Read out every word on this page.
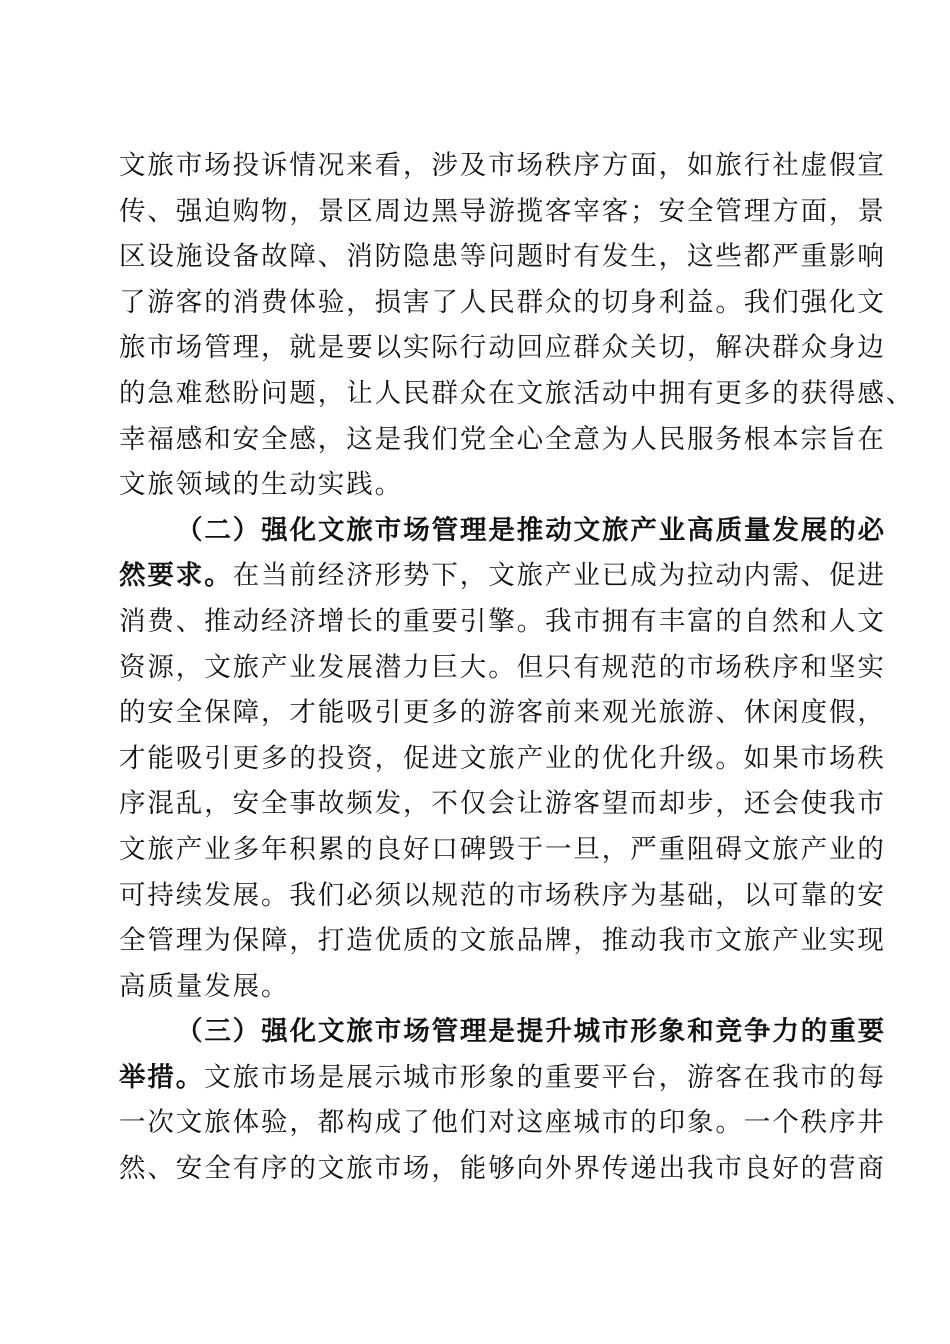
文旅市场投诉情况来看，涉及市场秩序方面，如旅行社虚假宣
传、强迫购物，景区周边黑导游揽客宰客；安全管理方面，景
区设施设备故障、消防隐患等问题时有发生，这些都严重影响
了游客的消费体验，损害了人民群众的切身利益。我们强化文
旅市场管理，就是要以实际行动回应群众关切，解决群众身边
的急难愁盼问题，让人民群众在文旅活动中拥有更多的获得感、
幸福感和安全感，这是我们党全心全意为人民服务根本宗旨在
文旅领域的生动实践。
（二）强化文旅市场管理是推动文旅产业高质量发展的必
然要求。在当前经济形势下，文旅产业已成为拉动内需、促进
消费、推动经济增长的重要引擎。我市拥有丰富的自然和人文
资源，文旅产业发展潜力巨大。但只有规范的市场秩序和坚实
的安全保障，才能吸引更多的游客前来观光旅游、休闲度假，
才能吸引更多的投资，促进文旅产业的优化升级。如果市场秩
序混乱，安全事故频发，不仅会让游客望而却步，还会使我市
文旅产业多年积累的良好口碑毁于一旦，严重阻碍文旅产业的
可持续发展。我们必须以规范的市场秩序为基础，以可靠的安
全管理为保障，打造优质的文旅品牌，推动我市文旅产业实现
高质量发展。
（三）强化文旅市场管理是提升城市形象和竞争力的重要
举措。文旅市场是展示城市形象的重要平台，游客在我市的每
一次文旅体验，都构成了他们对这座城市的印象。一个秩序井
然、安全有序的文旅市场，能够向外界传递出我市良好的营商
